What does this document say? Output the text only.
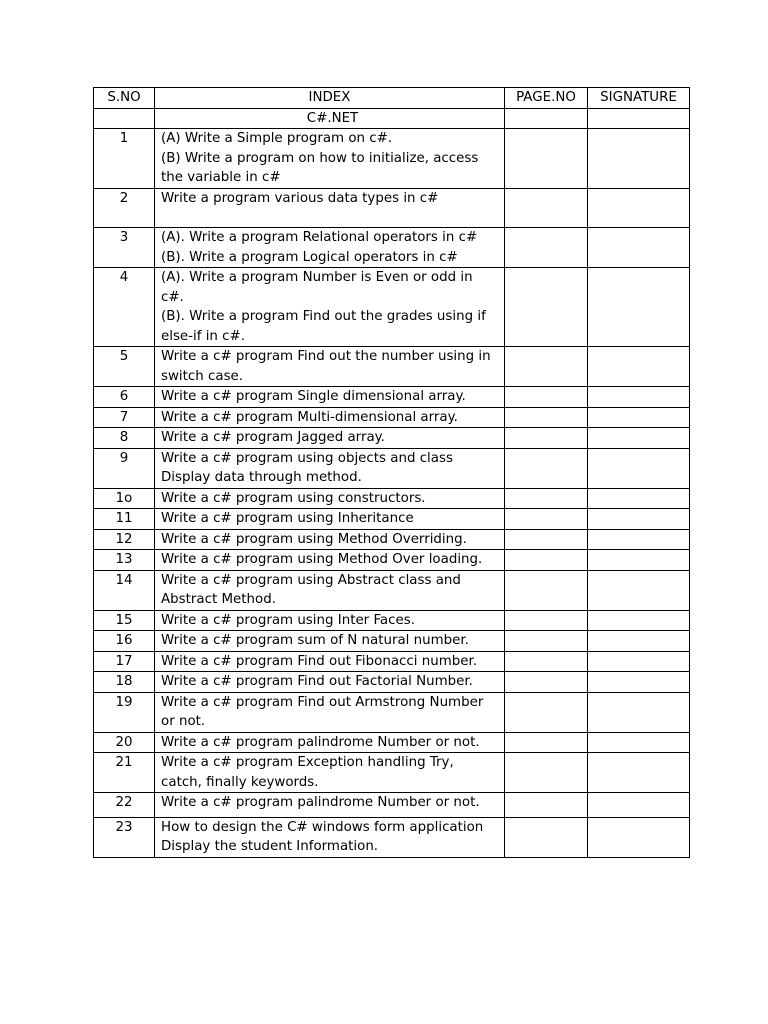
S.NO	INDEX	PAGE.NO	SIGNATURE
	C#.NET		
1	(A) Write a Simple program on c#.
(B) Write a program on how to initialize, access
the variable in c#		

2	Write a program various data types in c#		

3	(A). Write a program Relational operators in c#
(B). Write a program Logical operators in c#		

4	(A). Write a program Number is Even or odd in
c#.
(B). Write a program Find out the grades using if
else-if in c#.		

5	Write a c# program Find out the number using in
switch case.		

6	Write a c# program Single dimensional array.		

7	Write a c# program Multi-dimensional array.		

8	Write a c# program Jagged array.		

9	Write a c# program using objects and class
Display data through method.		

1o	Write a c# program using constructors.		

11	Write a c# program using Inheritance		

12	Write a c# program using Method Overriding.		

13	Write a c# program using Method Over loading.		

14	Write a c# program using Abstract class and
Abstract Method.		

15	Write a c# program using Inter Faces.		

16	Write a c# program sum of N natural number.		

17	Write a c# program Find out Fibonacci number.		

18	Write a c# program Find out Factorial Number.		

19	Write a c# program Find out Armstrong Number
or not.		

20	Write a c# program palindrome Number or not.		

21	Write a c# program Exception handling Try,
catch, finally keywords.		

22	Write a c# program palindrome Number or not.		

23	How to design the C# windows form application
Display the student Information.		
